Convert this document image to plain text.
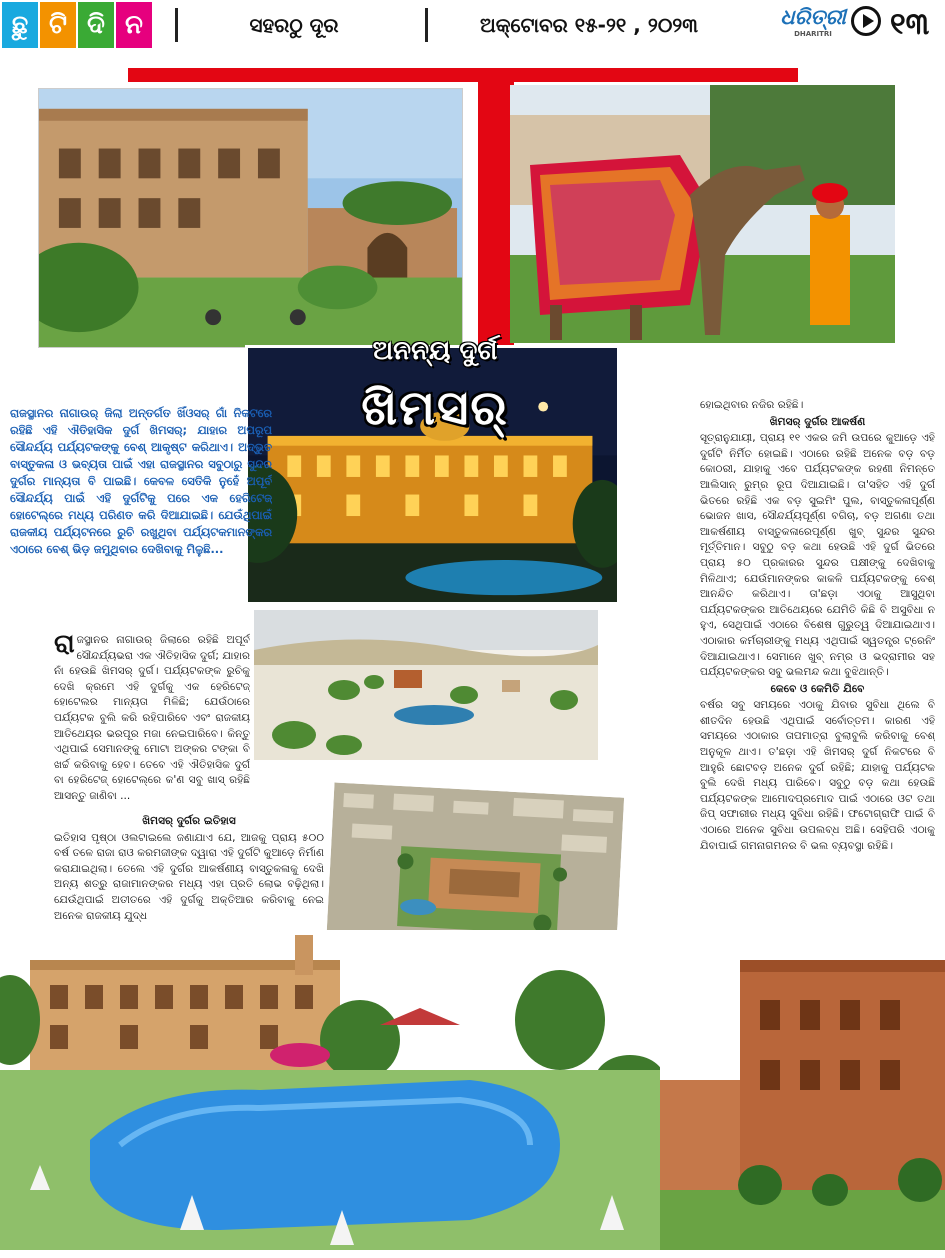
ଛୁ ଟି ଦି ନ	ସହରଠୁ ଦୂର	ଅକ୍ଟୋବର ୧୫-୨୧ , ୨୦୨୩	ଧରିତ୍ରୀ
DHARITRI	୧୩
ଅନନ୍ୟ ଦୁର୍ଗ
ଖିମସର୍‌
ରାଜସ୍ଥାନର ନାଗାଉର୍ ଜିଲା ଅନ୍ତର୍ଗତ ଖିଁଓସର୍ ଗାଁ ନିକଟରେ ରହିଛି ଏହି ଐତିହାସିକ ଦୁର୍ଗ ଖିମସର୍; ଯାହାର ଅପରୂପ ସୌନ୍ଦର୍ଯ୍ୟ ପର୍ଯ୍ୟଟକଙ୍କୁ ବେଶ୍ ଆକୃଷ୍ଟ କରିଥାଏ। ଅଦ୍ଭୁତ ବାସ୍ତୁକଳା ଓ ଭବ୍ୟତା ପାଇଁ ଏହା ରାଜସ୍ଥାନର ସବୁଠାରୁ ସୁନ୍ଦର ଦୁର୍ଗର ମାନ୍ୟତା ବି ପାଇଛି। କେବଳ ସେତିକି ନୁହେଁ ଅପୂର୍ବ ସୌନ୍ଦର୍ଯ୍ୟ ପାଇଁ ଏହି ଦୁର୍ଗଟିକୁ ପରେ ଏକ ହେରିଟେଜ୍ ହୋଟେଲ୍‌ରେ ମଧ୍ୟ ପରିଣତ କରି ଦିଆଯାଇଛି। ଯେଉଁଥିପାଇଁ ରାଜକୀୟ ପର୍ଯ୍ୟଟନରେ ରୁଚି ରଖୁଥିବା ପର୍ଯ୍ୟଟକମାନଙ୍କର ଏଠାରେ ବେଶ୍ ଭିଡ଼ ଜମୁଥିବାର ଦେଖିବାକୁ ମିଳୁଛି...

ରାଜସ୍ଥାନର ନାଗାଉର୍ ଜିଲାରେ ରହିଛି ଅପୂର୍ବ ସୌନ୍ଦର୍ଯ୍ୟଭରା ଏକ ଐତିହାସିକ ଦୁର୍ଗ; ଯାହାର ନାଁ ହେଉଛି ଖିମସର୍ ଦୁର୍ଗ। ପର୍ଯ୍ୟଟକଙ୍କ ରୁଚିକୁ ଦେଖି କ୍ରମେ ଏହି ଦୁର୍ଗକୁ ଏକ ହେରିଟେଜ୍ ହୋଟେଲର ମାନ୍ୟତା ମିଳିଛି; ଯେଉଁଠାରେ ପର୍ଯ୍ୟଟକ ବୁଲି କରି ରହିପାରିବେ ଏବଂ ରାଜକୀୟ ଆତିଥେୟର ଭରପୂର ମଜା ନେଇପାରିବେ। କିନ୍ତୁ ଏଥିପାଇଁ ସେମାନଙ୍କୁ ମୋଟା ଅଙ୍କର ଟଙ୍କା ବି ଖର୍ଚ୍ଚ କରିବାକୁ ହେବ। ତେବେ ଏହି ଐତିହାସିକ ଦୁର୍ଗ ବା ହେରିଟେଜ୍ ହୋଟେଲ୍‌ରେ କ'ଣ ସବୁ ଖାସ୍ ରହିଛି ଆସନ୍ତୁ ଜାଣିବା ...

ଖିମସର୍ ଦୁର୍ଗର ଇତିହାସ

ଇତିହାସ ପୃଷ୍ଠା ଓଲଟାଇଲେ ଜଣାଯାଏ ଯେ, ଆଜକୁ ପ୍ରାୟ ୫୦୦ ବର୍ଷ ତଳେ ରାଜା ରାଓ କରମଜୀଙ୍କ ଦ୍ୱାରା ଏହି ଦୁର୍ଗଟି କୁଆଡ଼େ ନିର୍ମାଣ କରାଯାଇଥିଲା। ତେଲେ ଏହି ଦୁର୍ଗର ଆକର୍ଷଣୀୟ ବାସ୍ତୁକଳାକୁ ଦେଖି ଅନ୍ୟ ଶତ୍ରୁ ରାଜାମାନଙ୍କର ମଧ୍ୟ ଏହା ପ୍ରତି ଲୋଭ ବଢ଼ିଥିଲା। ଯେଉଁଥିପାଇଁ ଅତୀତରେ ଏହି ଦୁର୍ଗକୁ ଅକ୍ତିଆର କରିବାକୁ ନେଇ ଅନେକ ରାଜକୀୟ ଯୁଦ୍ଧ

ହୋଇଥିବାର ନଜିର ରହିଛି।

ଖିମସର୍ ଦୁର୍ଗର ଆକର୍ଷଣ

ସୂତ୍ରାନୁଯାୟୀ, ପ୍ରାୟ ୧୧ ଏକର ଜମି ଉପରେ କୁଆଡ଼େ ଏହି ଦୁର୍ଗଟି ନିର୍ମିତ ହୋଇଛି। ଏଠାରେ ରହିଛି ଅନେକ ବଡ଼ ବଡ଼ କୋଠରୀ, ଯାହାକୁ ଏବେ ପର୍ଯ୍ୟଟକଙ୍କ ରହଣୀ ନିମନ୍ତେ ଆଲିସାନ୍ ରୁମ୍‌ର ରୂପ ଦିଆଯାଇଛି। ତା'ସହିତ ଏହି ଦୁର୍ଗ ଭିତରେ ରହିଛି ଏକ ବଡ଼ ସୁଇମିଂ ପୁଲ, ବାସ୍ତୁକଳାପୂର୍ଣ୍ଣ ଭୋଜନ ଖାସ, ସୌନ୍ଦର୍ଯ୍ୟପୂର୍ଣ୍ଣ ବଗିଚା, ବଡ଼ ଅଗଣା ତଥା ଆକର୍ଷଣୀୟ ବାସ୍ତୁକଳାରେପୂର୍ଣ୍ଣ ଖୁବ୍ ସୁନ୍ଦର ସୁନ୍ଦର ମୂର୍ତ୍ତିମାନ। ସବୁଠୁ ବଡ଼ କଥା ହେଉଛି ଏହି ଦୁର୍ଗ ଭିତରେ ପ୍ରାୟ ୫୦ ପ୍ରକାରର ସୁନ୍ଦର ପକ୍ଷୀଙ୍କୁ ଦେଖିବାକୁ ମିଳିଥାଏ; ଯେଉଁମାନଙ୍କର କାକଳି ପର୍ଯ୍ୟଟକଙ୍କୁ ବେଶ୍ ଆନନ୍ଦିତ କରିଥାଏ। ତା'ଛଡ଼ା ଏଠାକୁ ଆସୁଥିବା ପର୍ଯ୍ୟଟକଙ୍କର ଆତିଥେୟରେ ଯେମିତି କିଛି ବି ଅସୁବିଧା ନ ହୁଏ, ସେଥିପାଇଁ ଏଠାରେ ବିଶେଷ ଗୁରୁତ୍ୱ ଦିଆଯାଇଥାଏ। ଏଠାକାର କର୍ମଚାରୀଙ୍କୁ ମଧ୍ୟ ଏଥିପାଇଁ ସ୍ୱତନ୍ତ୍ର ଟ୍ରେନିଂ ଦିଆଯାଇଥାଏ। ସେମାନେ ଖୁବ୍ ନମ୍ର ଓ ଭଦ୍ରାମୀର ସହ ପର୍ଯ୍ୟଟକଙ୍କର ସବୁ ଭଲମନ୍ଦ କଥା ବୁଝିଥାନ୍ତି।

କେବେ ଓ କେମିତି ଯିବେ

ବର୍ଷର ସବୁ ସମୟରେ ଏଠାକୁ ଯିବାର ସୁବିଧା ଥିଲେ ବି ଶୀତଦିନ ହେଉଛି ଏଥିପାଇଁ ସର୍ବୋତ୍ତମ। କାରଣ ଏହି ସମୟରେ ଏଠାକାର ତାପମାତ୍ରା ବୁଲାବୁଲି କରିବାକୁ ବେଶ୍ ଅନୁକୂଳ ଥାଏ। ତ'ଛଡ଼ା ଏହି ଖିମସର୍ ଦୁର୍ଗ ନିକଟରେ ବି ଆହୁରି ଛୋଟବଡ଼ ଅନେକ ଦୁର୍ଗ ରହିଛି; ଯାହାକୁ ପର୍ଯ୍ୟଟକ ବୁଲି ଦେଖି ମଧ୍ୟ ପାରିବେ। ସବୁଠୁ ବଡ଼ କଥା ହେଉଛି ପର୍ଯ୍ୟଟକଙ୍କ ଆମୋଦପ୍ରମୋଦ ପାଇଁ ଏଠାରେ ଓଟ ତଥା ଜିପ୍ ସଫାରୀର ମଧ୍ୟ ସୁବିଧା ରହିଛି। ଫଟୋଗ୍ରାଫି ପାଇଁ ବି ଏଠାରେ ଅନେକ ସୁବିଧା ଉପଲବ୍ଧ ଅଛି। ସେହିପରି ଏଠାକୁ ଯିବାପାଇଁ ଗମନାଗମନର ବି ଭଲ ବ୍ୟବସ୍ଥା ରହିଛି।
